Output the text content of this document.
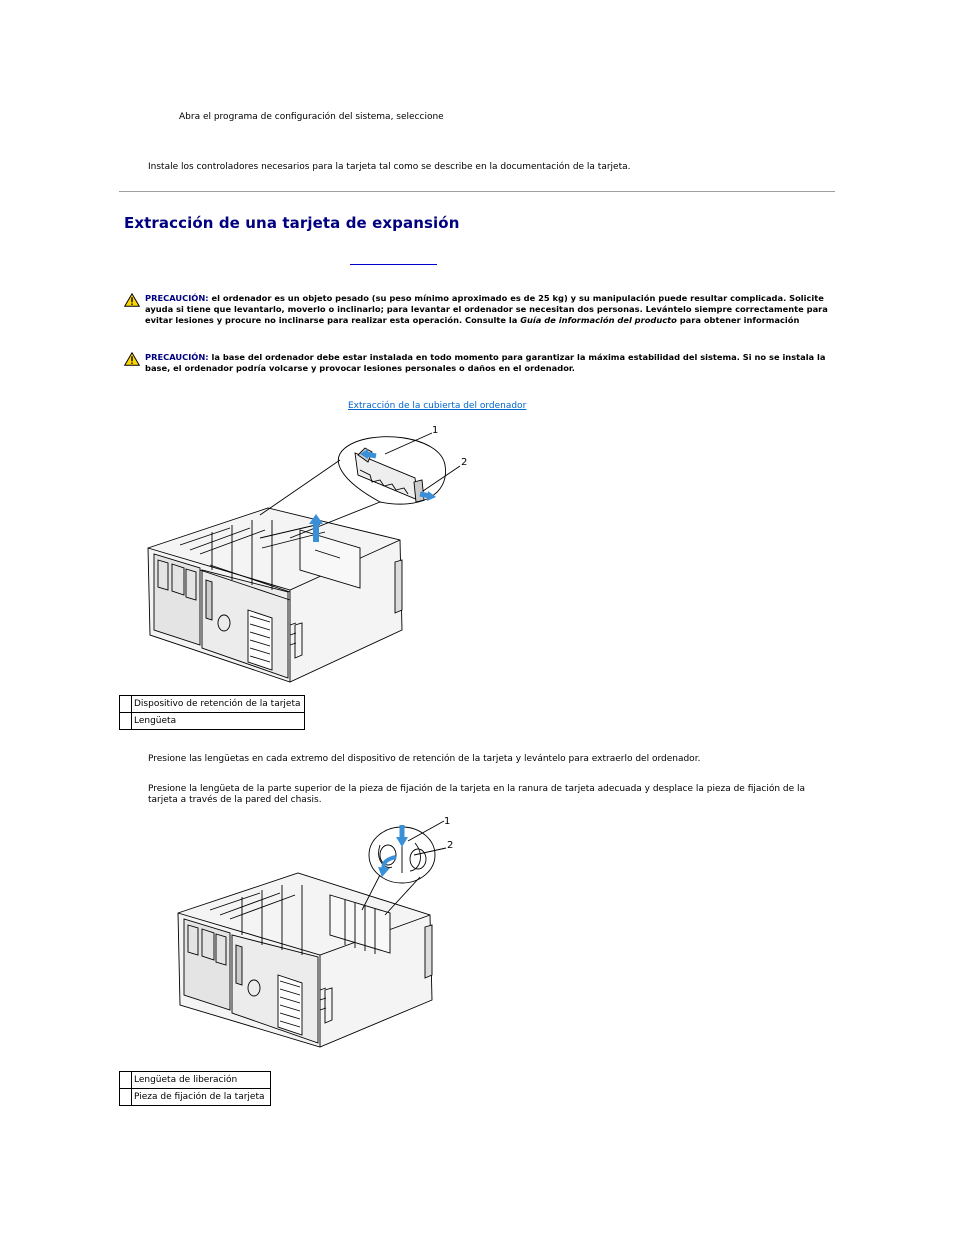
Abra el programa de configuración del sistema, seleccione
Instale los controladores necesarios para la tarjeta tal como se describe en la documentación de la tarjeta.
Extracción de una tarjeta de expansión
PRECAUCIÓN: el ordenador es un objeto pesado (su peso mínimo aproximado es de 25 kg) y su manipulación puede resultar complicada. Solicite ayuda si tiene que levantarlo, moverlo o inclinarlo; para levantar el ordenador se necesitan dos personas. Levántelo siempre correctamente para evitar lesiones y procure no inclinarse para realizar esta operación. Consulte la Guía de información del producto para obtener información
PRECAUCIÓN: la base del ordenador debe estar instalada en todo momento para garantizar la máxima estabilidad del sistema. Si no se instala la base, el ordenador podría volcarse y provocar lesiones personales o daños en el ordenador.
Extracción de la cubierta del ordenador
1
2
	Dispositivo de retención de la tarjeta
	Lengüeta
Presione las lengüetas en cada extremo del dispositivo de retención de la tarjeta y levántelo para extraerlo del ordenador.
Presione la lengüeta de la parte superior de la pieza de fijación de la tarjeta en la ranura de tarjeta adecuada y desplace la pieza de fijación de la tarjeta a través de la pared del chasis.
1
2
	Lengüeta de liberación
	Pieza de fijación de la tarjeta
